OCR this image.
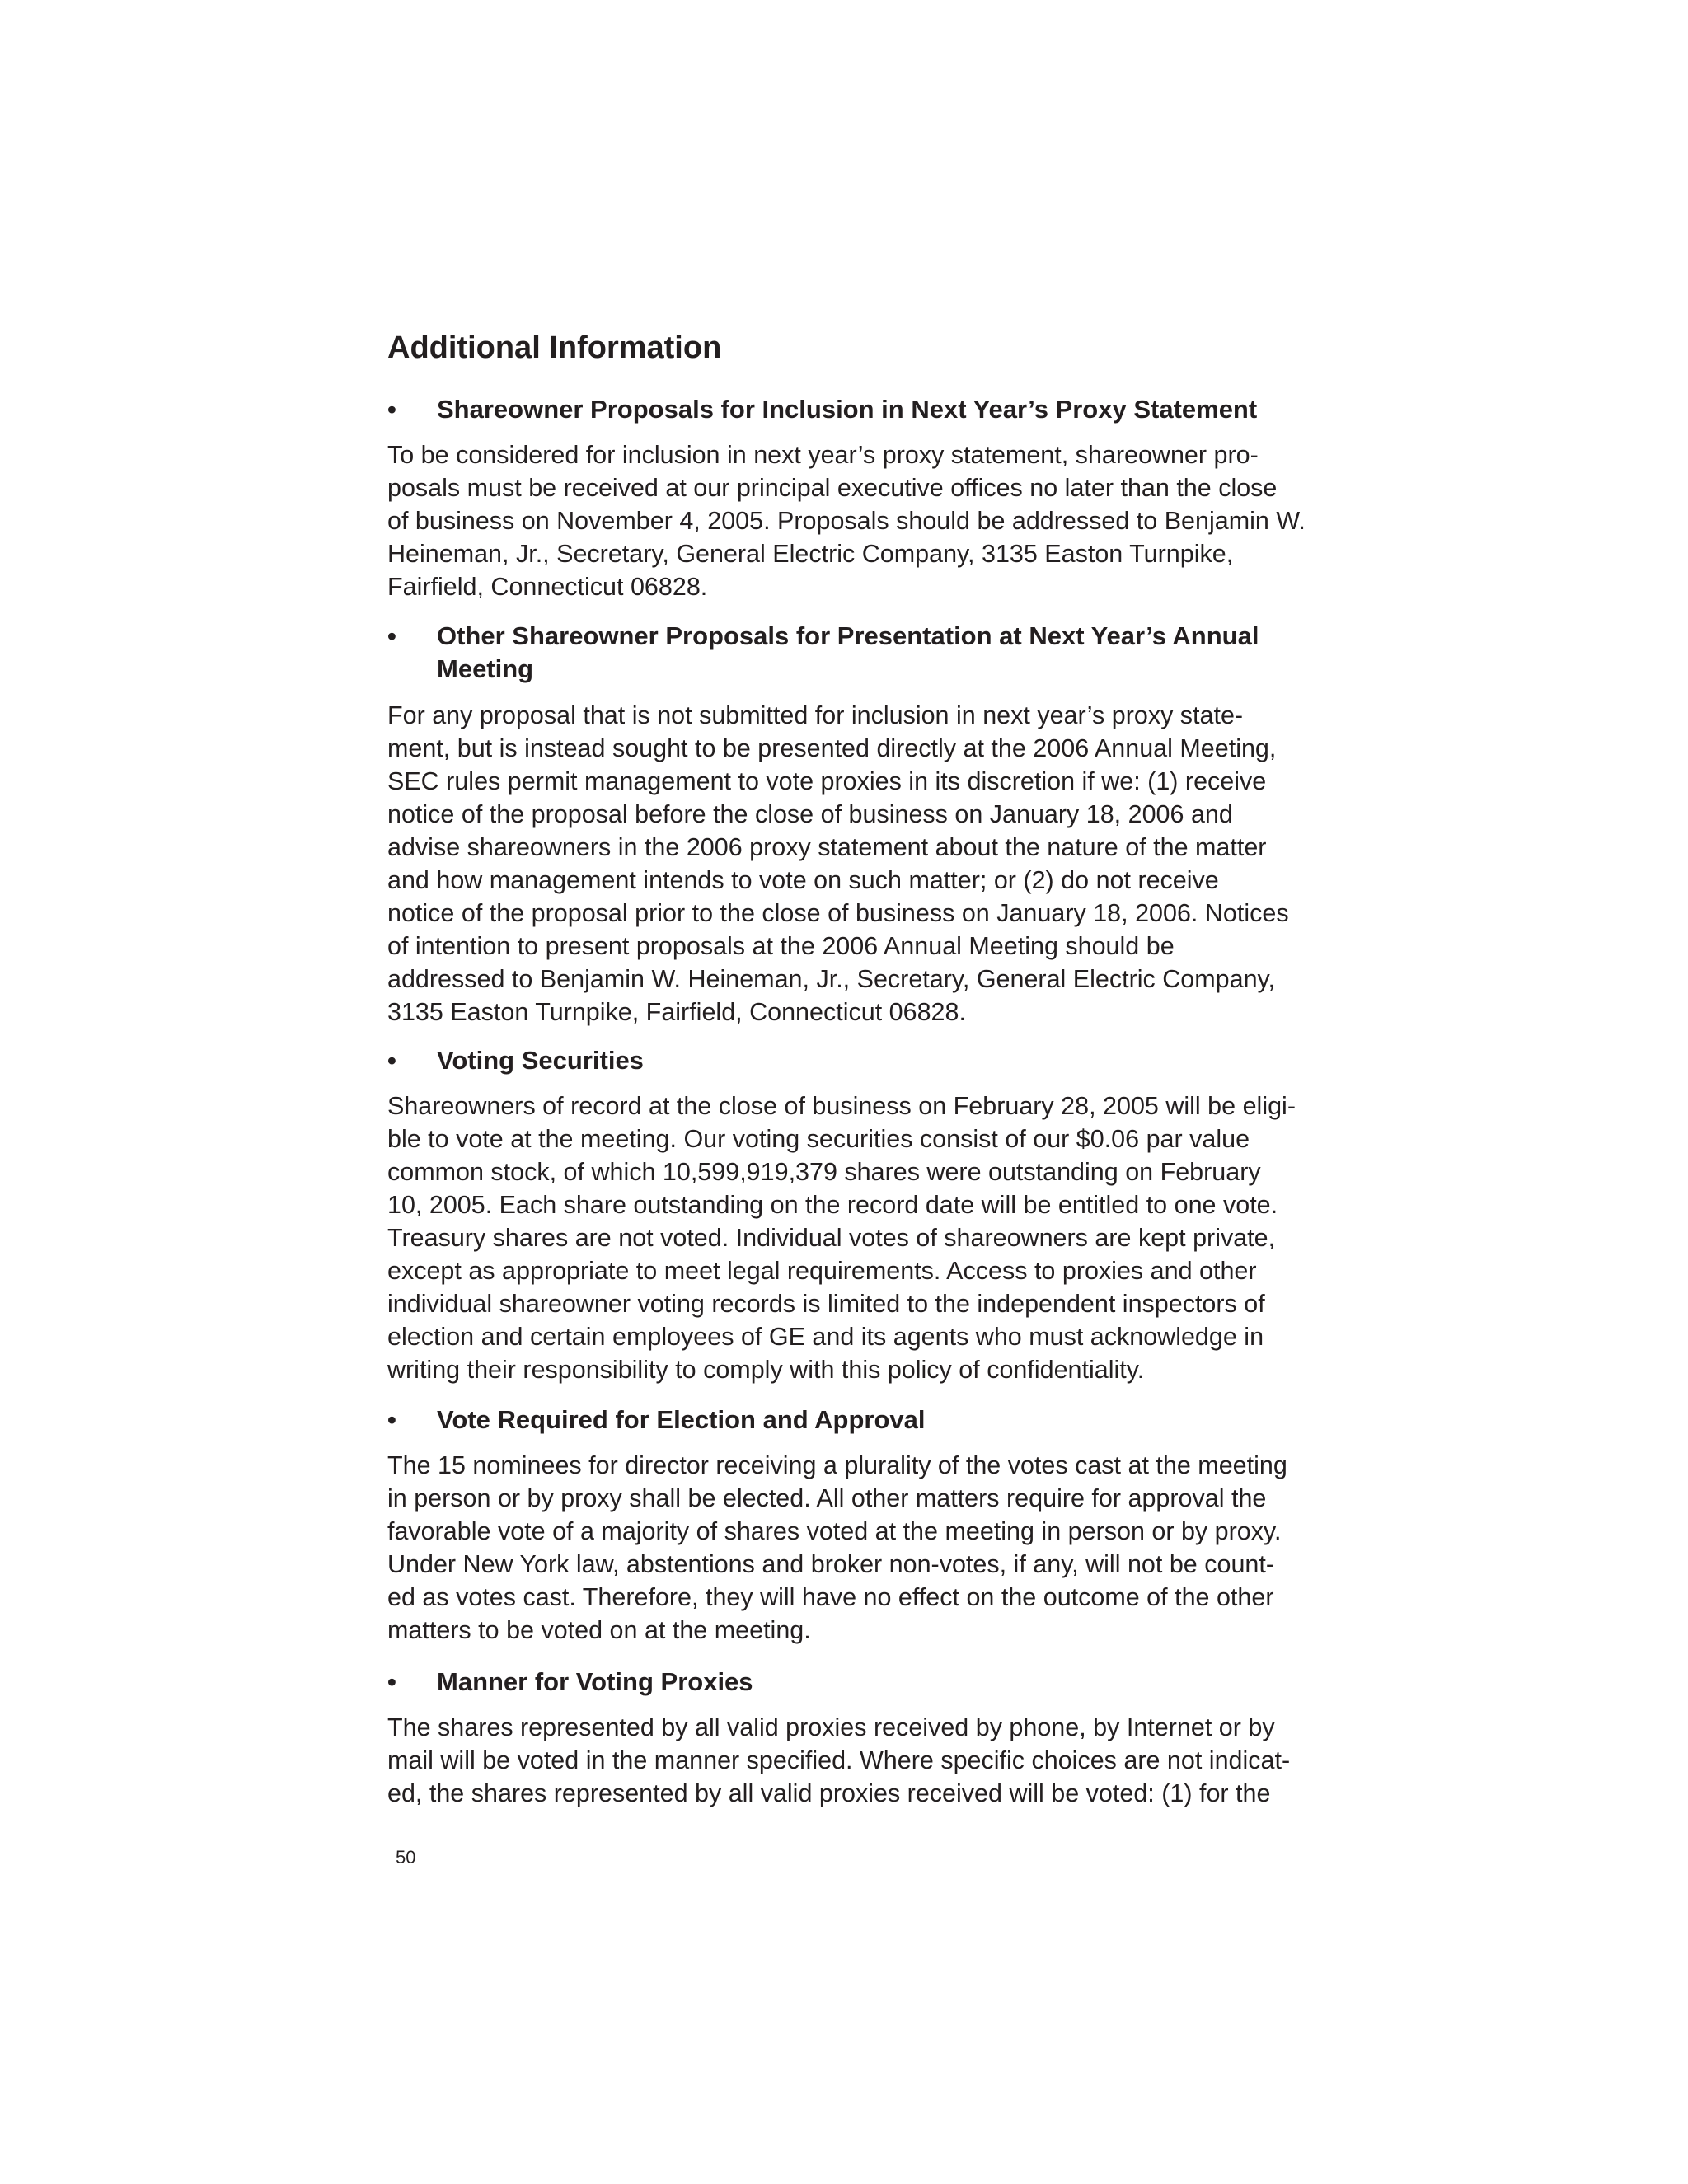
Additional Information
• Shareowner Proposals for Inclusion in Next Year’s Proxy Statement
To be considered for inclusion in next year’s proxy statement, shareowner pro-
posals must be received at our principal executive offices no later than the close
of business on November 4, 2005. Proposals should be addressed to Benjamin W.
Heineman, Jr., Secretary, General Electric Company, 3135 Easton Turnpike,
Fairfield, Connecticut 06828.
• Other Shareowner Proposals for Presentation at Next Year’s Annual
Meeting
For any proposal that is not submitted for inclusion in next year’s proxy state-
ment, but is instead sought to be presented directly at the 2006 Annual Meeting,
SEC rules permit management to vote proxies in its discretion if we: (1) receive
notice of the proposal before the close of business on January 18, 2006 and
advise shareowners in the 2006 proxy statement about the nature of the matter
and how management intends to vote on such matter; or (2) do not receive
notice of the proposal prior to the close of business on January 18, 2006. Notices
of intention to present proposals at the 2006 Annual Meeting should be
addressed to Benjamin W. Heineman, Jr., Secretary, General Electric Company,
3135 Easton Turnpike, Fairfield, Connecticut 06828.
• Voting Securities
Shareowners of record at the close of business on February 28, 2005 will be eligi-
ble to vote at the meeting. Our voting securities consist of our $0.06 par value
common stock, of which 10,599,919,379 shares were outstanding on February
10, 2005. Each share outstanding on the record date will be entitled to one vote.
Treasury shares are not voted. Individual votes of shareowners are kept private,
except as appropriate to meet legal requirements. Access to proxies and other
individual shareowner voting records is limited to the independent inspectors of
election and certain employees of GE and its agents who must acknowledge in
writing their responsibility to comply with this policy of confidentiality.
• Vote Required for Election and Approval
The 15 nominees for director receiving a plurality of the votes cast at the meeting
in person or by proxy shall be elected. All other matters require for approval the
favorable vote of a majority of shares voted at the meeting in person or by proxy.
Under New York law, abstentions and broker non-votes, if any, will not be count-
ed as votes cast. Therefore, they will have no effect on the outcome of the other
matters to be voted on at the meeting.
• Manner for Voting Proxies
The shares represented by all valid proxies received by phone, by Internet or by
mail will be voted in the manner specified. Where specific choices are not indicat-
ed, the shares represented by all valid proxies received will be voted: (1) for the

50
